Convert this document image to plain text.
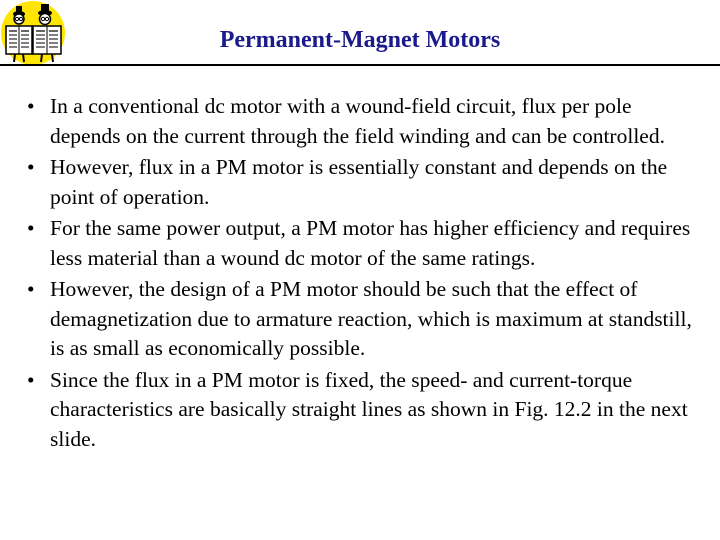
Permanent-Magnet Motors
• In a conventional dc motor with a wound-field circuit, flux per pole depends on the current through the field winding and can be controlled.
• However, flux in a PM motor is essentially constant and depends on the point of operation.
• For the same power output, a PM motor has higher efficiency and requires less material than a wound dc motor of the same ratings.
• However, the design of a PM motor should be such that the effect of demagnetization due to armature reaction, which is maximum at standstill, is as small as economically possible.
• Since the flux in a PM motor is fixed, the speed- and current-torque characteristics are basically straight lines as shown in Fig. 12.2 in the next slide.
